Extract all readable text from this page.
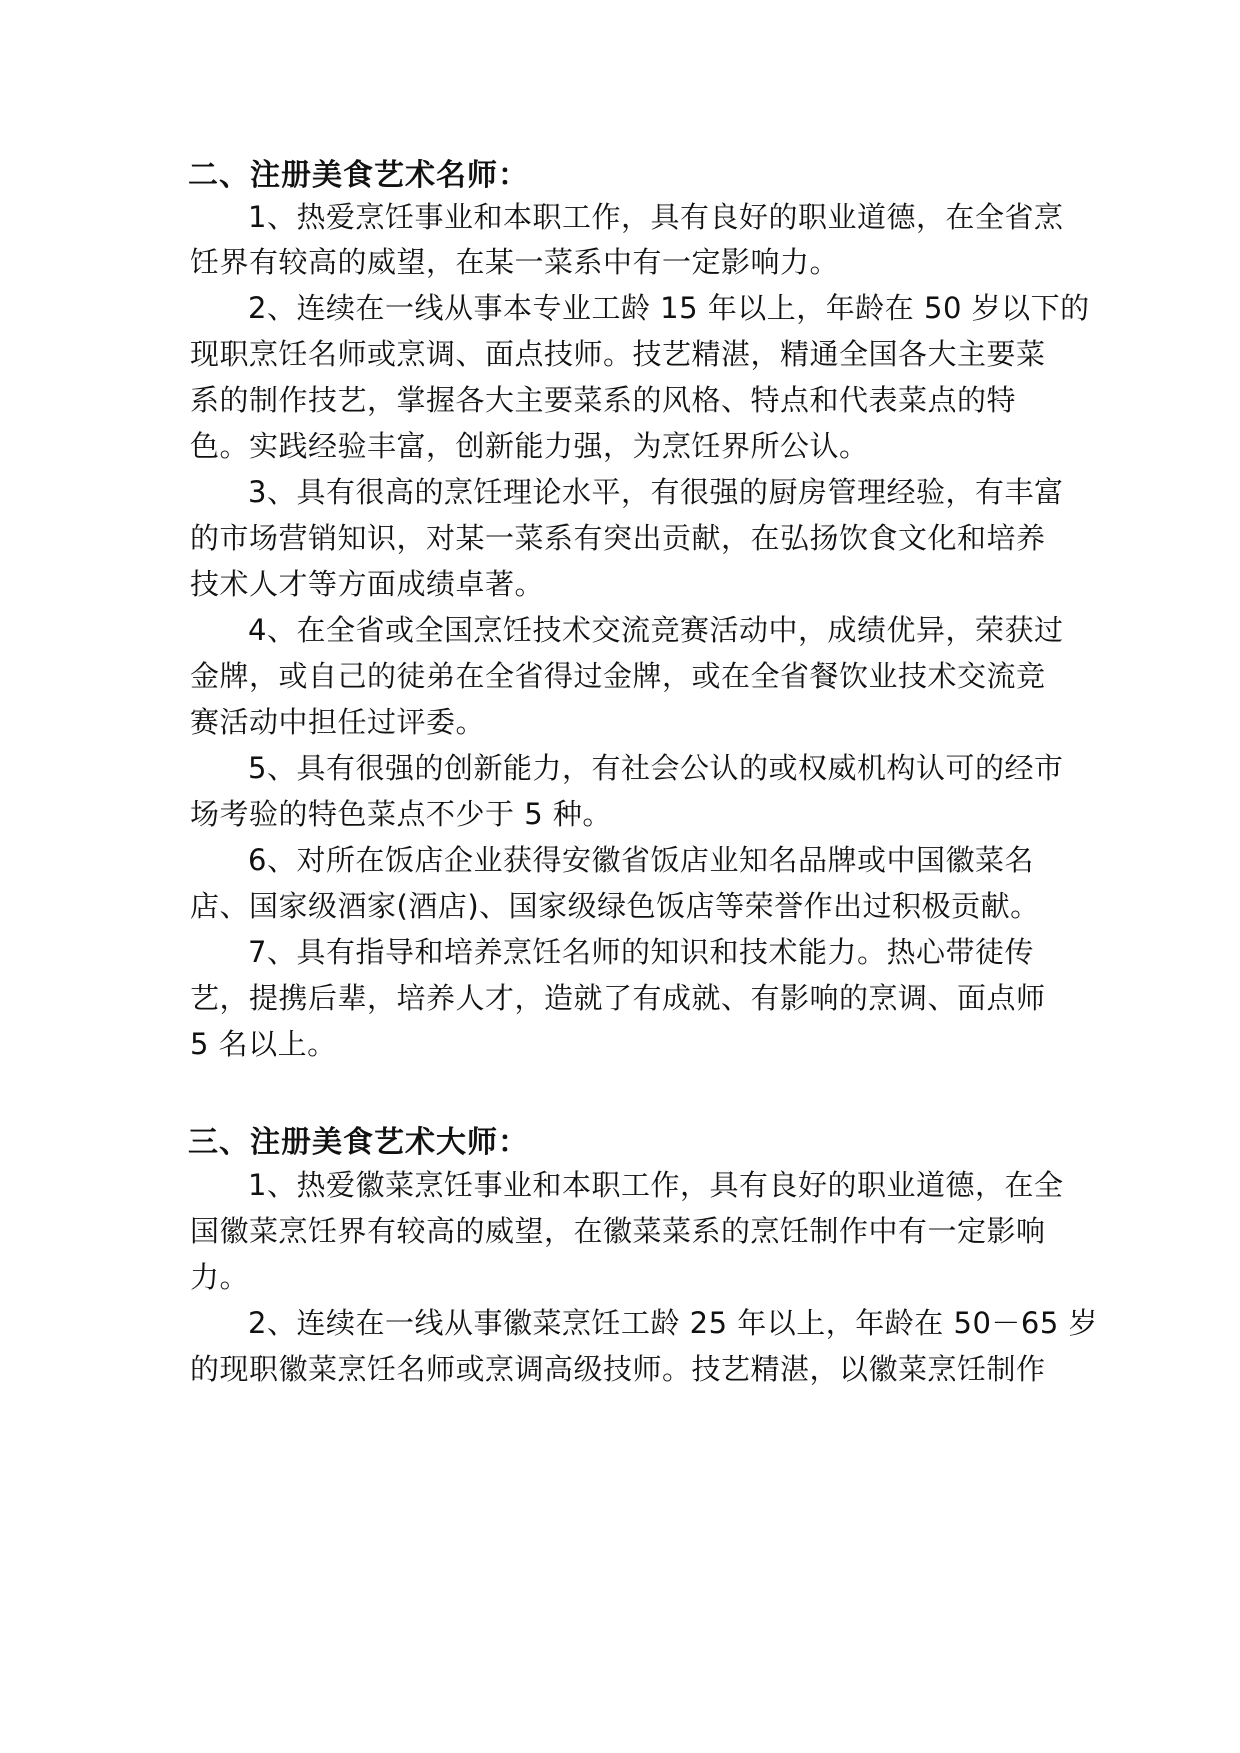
二、注册美食艺术名师：
1、热爱烹饪事业和本职工作，具有良好的职业道德，在全省烹
饪界有较高的威望，在某一菜系中有一定影响力。
2、连续在一线从事本专业工龄 15 年以上，年龄在 50 岁以下的
现职烹饪名师或烹调、面点技师。技艺精湛，精通全国各大主要菜
系的制作技艺，掌握各大主要菜系的风格、特点和代表菜点的特
色。实践经验丰富，创新能力强，为烹饪界所公认。
3、具有很高的烹饪理论水平，有很强的厨房管理经验，有丰富
的市场营销知识，对某一菜系有突出贡献，在弘扬饮食文化和培养
技术人才等方面成绩卓著。
4、在全省或全国烹饪技术交流竞赛活动中，成绩优异，荣获过
金牌，或自己的徒弟在全省得过金牌，或在全省餐饮业技术交流竞
赛活动中担任过评委。
5、具有很强的创新能力，有社会公认的或权威机构认可的经市
场考验的特色菜点不少于 5 种。
6、对所在饭店企业获得安徽省饭店业知名品牌或中国徽菜名
店、国家级酒家(酒店)、国家级绿色饭店等荣誉作出过积极贡献。
7、具有指导和培养烹饪名师的知识和技术能力。热心带徒传
艺，提携后辈，培养人才，造就了有成就、有影响的烹调、面点师
5 名以上。
三、注册美食艺术大师：
1、热爱徽菜烹饪事业和本职工作，具有良好的职业道德，在全
国徽菜烹饪界有较高的威望，在徽菜菜系的烹饪制作中有一定影响
力。
2、连续在一线从事徽菜烹饪工龄 25 年以上，年龄在 50－65 岁
的现职徽菜烹饪名师或烹调高级技师。技艺精湛，以徽菜烹饪制作
